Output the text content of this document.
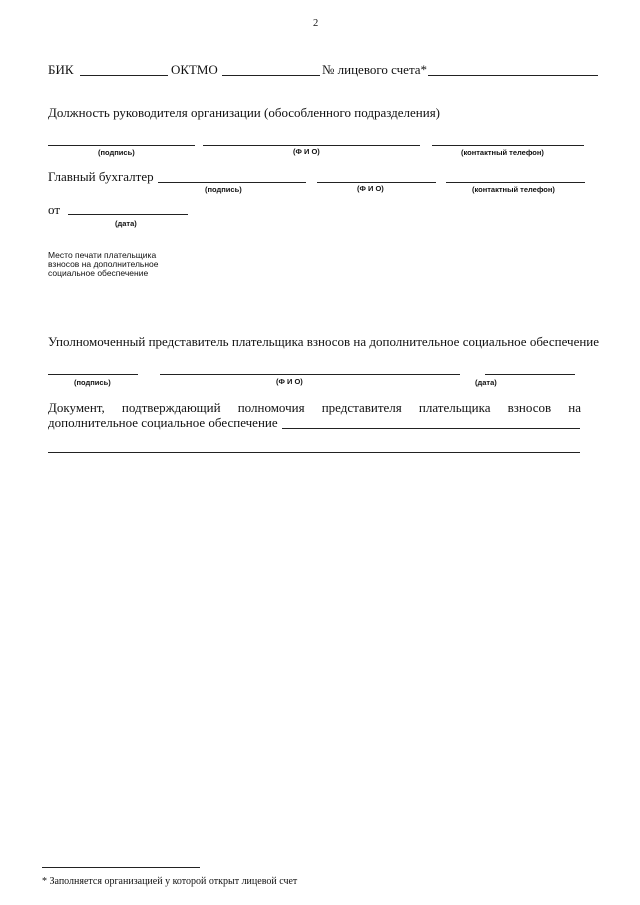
2
БИК	ОКТМО	№ лицевого счета*
Должность руководителя организации (обособленного подразделения)
(подпись)	(Ф И О)	(контактный телефон)
Главный бухгалтер
(подпись)	(Ф И О)	(контактный телефон)
от
(дата)
Место печати плательщика
взносов на дополнительное
социальное обеспечение
Уполномоченный представитель плательщика взносов на дополнительное социальное обеспечение
(подпись)	(Ф И О)	(дата)
Документ, подтверждающий полномочия представителя плательщика взносов на
дополнительное социальное обеспечение
* Заполняется организацией у которой открыт лицевой счет
